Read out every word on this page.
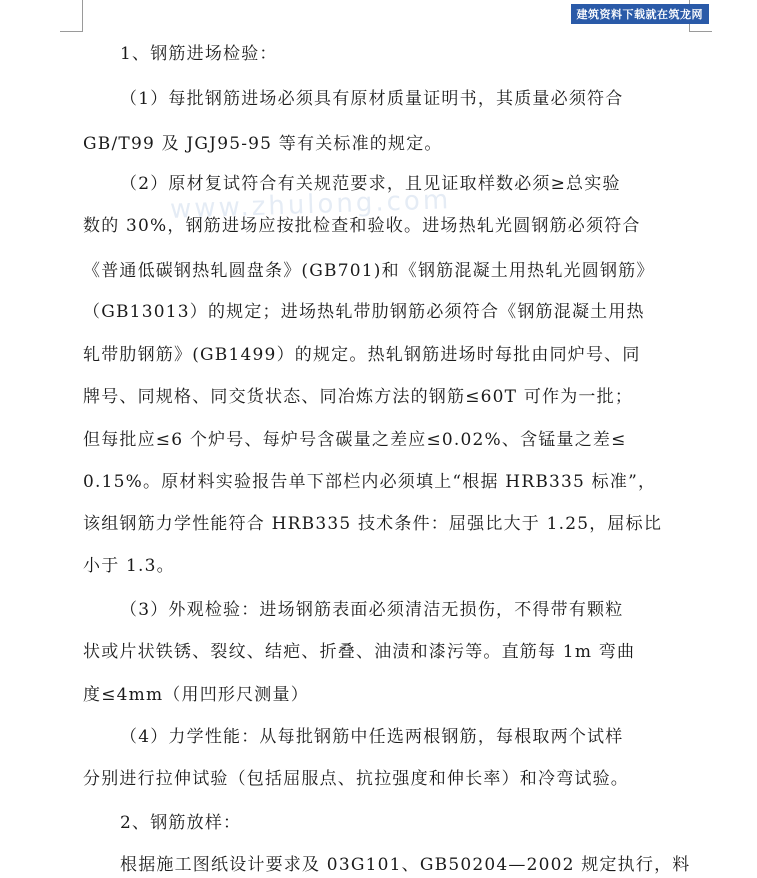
建筑资料下载就在筑龙网
www.zhulong.com
1、钢筋进场检验：
（1）每批钢筋进场必须具有原材质量证明书，其质量必须符合
GB/T99 及 JGJ95-95 等有关标准的规定。
（2）原材复试符合有关规范要求，且见证取样数必须≥总实验
数的 30%，钢筋进场应按批检查和验收。进场热轧光圆钢筋必须符合
《普通低碳钢热轧圆盘条》(GB701)和《钢筋混凝土用热轧光圆钢筋》
（GB13013）的规定；进场热轧带肋钢筋必须符合《钢筋混凝土用热
轧带肋钢筋》(GB1499）的规定。热轧钢筋进场时每批由同炉号、同
牌号、同规格、同交货状态、同冶炼方法的钢筋≤60T 可作为一批；
但每批应≤6 个炉号、每炉号含碳量之差应≤0.02%、含锰量之差≤
0.15%。原材料实验报告单下部栏内必须填上“根据 HRB335 标准”，
该组钢筋力学性能符合 HRB335 技术条件：屈强比大于 1.25，屈标比
小于 1.3。
（3）外观检验：进场钢筋表面必须清洁无损伤，不得带有颗粒
状或片状铁锈、裂纹、结疤、折叠、油渍和漆污等。直筋每 1m 弯曲
度≤4mm（用凹形尺测量）
（4）力学性能：从每批钢筋中任选两根钢筋，每根取两个试样
分别进行拉伸试验（包括屈服点、抗拉强度和伸长率）和冷弯试验。
2、钢筋放样：
根据施工图纸设计要求及 03G101、GB50204—2002 规定执行，料
